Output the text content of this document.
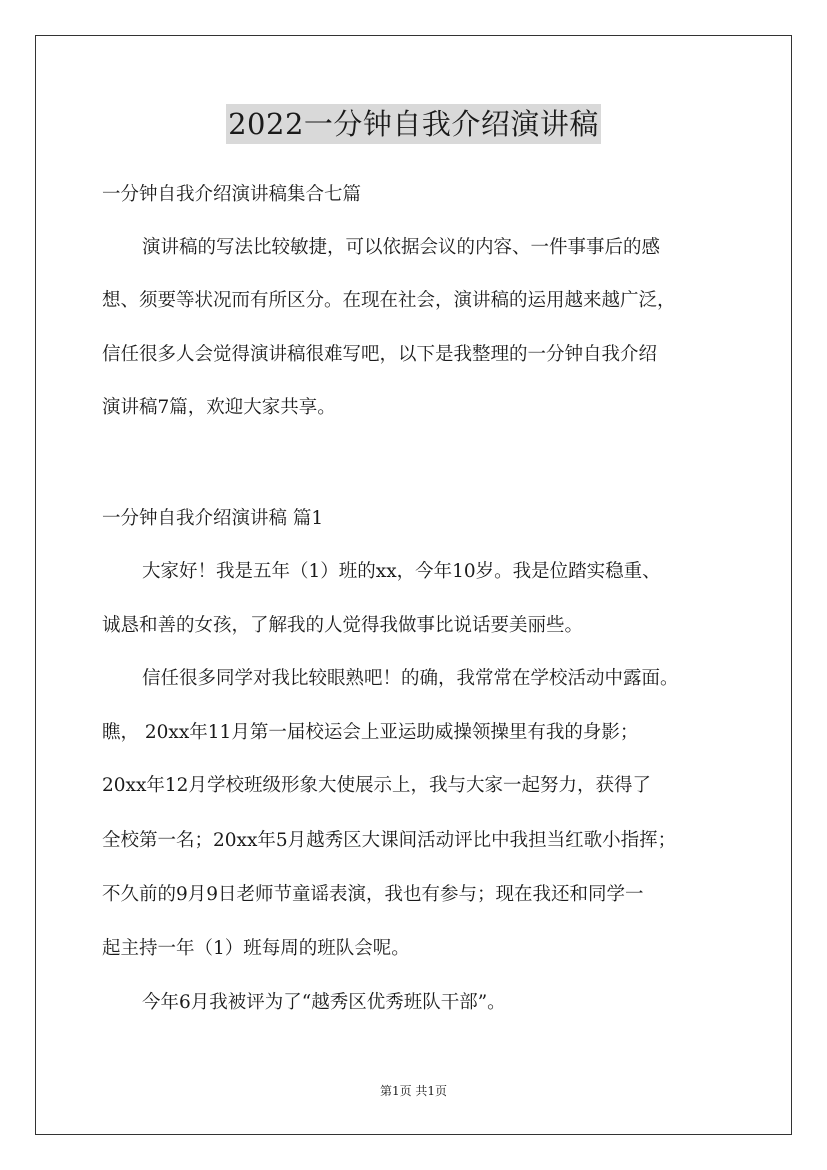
2022一分钟自我介绍演讲稿
一分钟自我介绍演讲稿集合七篇
演讲稿的写法比较敏捷，可以依据会议的内容、一件事事后的感
想、须要等状况而有所区分。在现在社会，演讲稿的运用越来越广泛，
信任很多人会觉得演讲稿很难写吧，以下是我整理的一分钟自我介绍
演讲稿7篇，欢迎大家共享。
一分钟自我介绍演讲稿 篇1
大家好！我是五年（1）班的xx，今年10岁。我是位踏实稳重、
诚恳和善的女孩，了解我的人觉得我做事比说话要美丽些。
信任很多同学对我比较眼熟吧！的确，我常常在学校活动中露面。
瞧， 20xx年11月第一届校运会上亚运助威操领操里有我的身影；
20xx年12月学校班级形象大使展示上，我与大家一起努力，获得了
全校第一名；20xx年5月越秀区大课间活动评比中我担当红歌小指挥；
不久前的9月9日老师节童谣表演，我也有参与；现在我还和同学一
起主持一年（1）班每周的班队会呢。
今年6月我被评为了“越秀区优秀班队干部”。
第1页 共1页
